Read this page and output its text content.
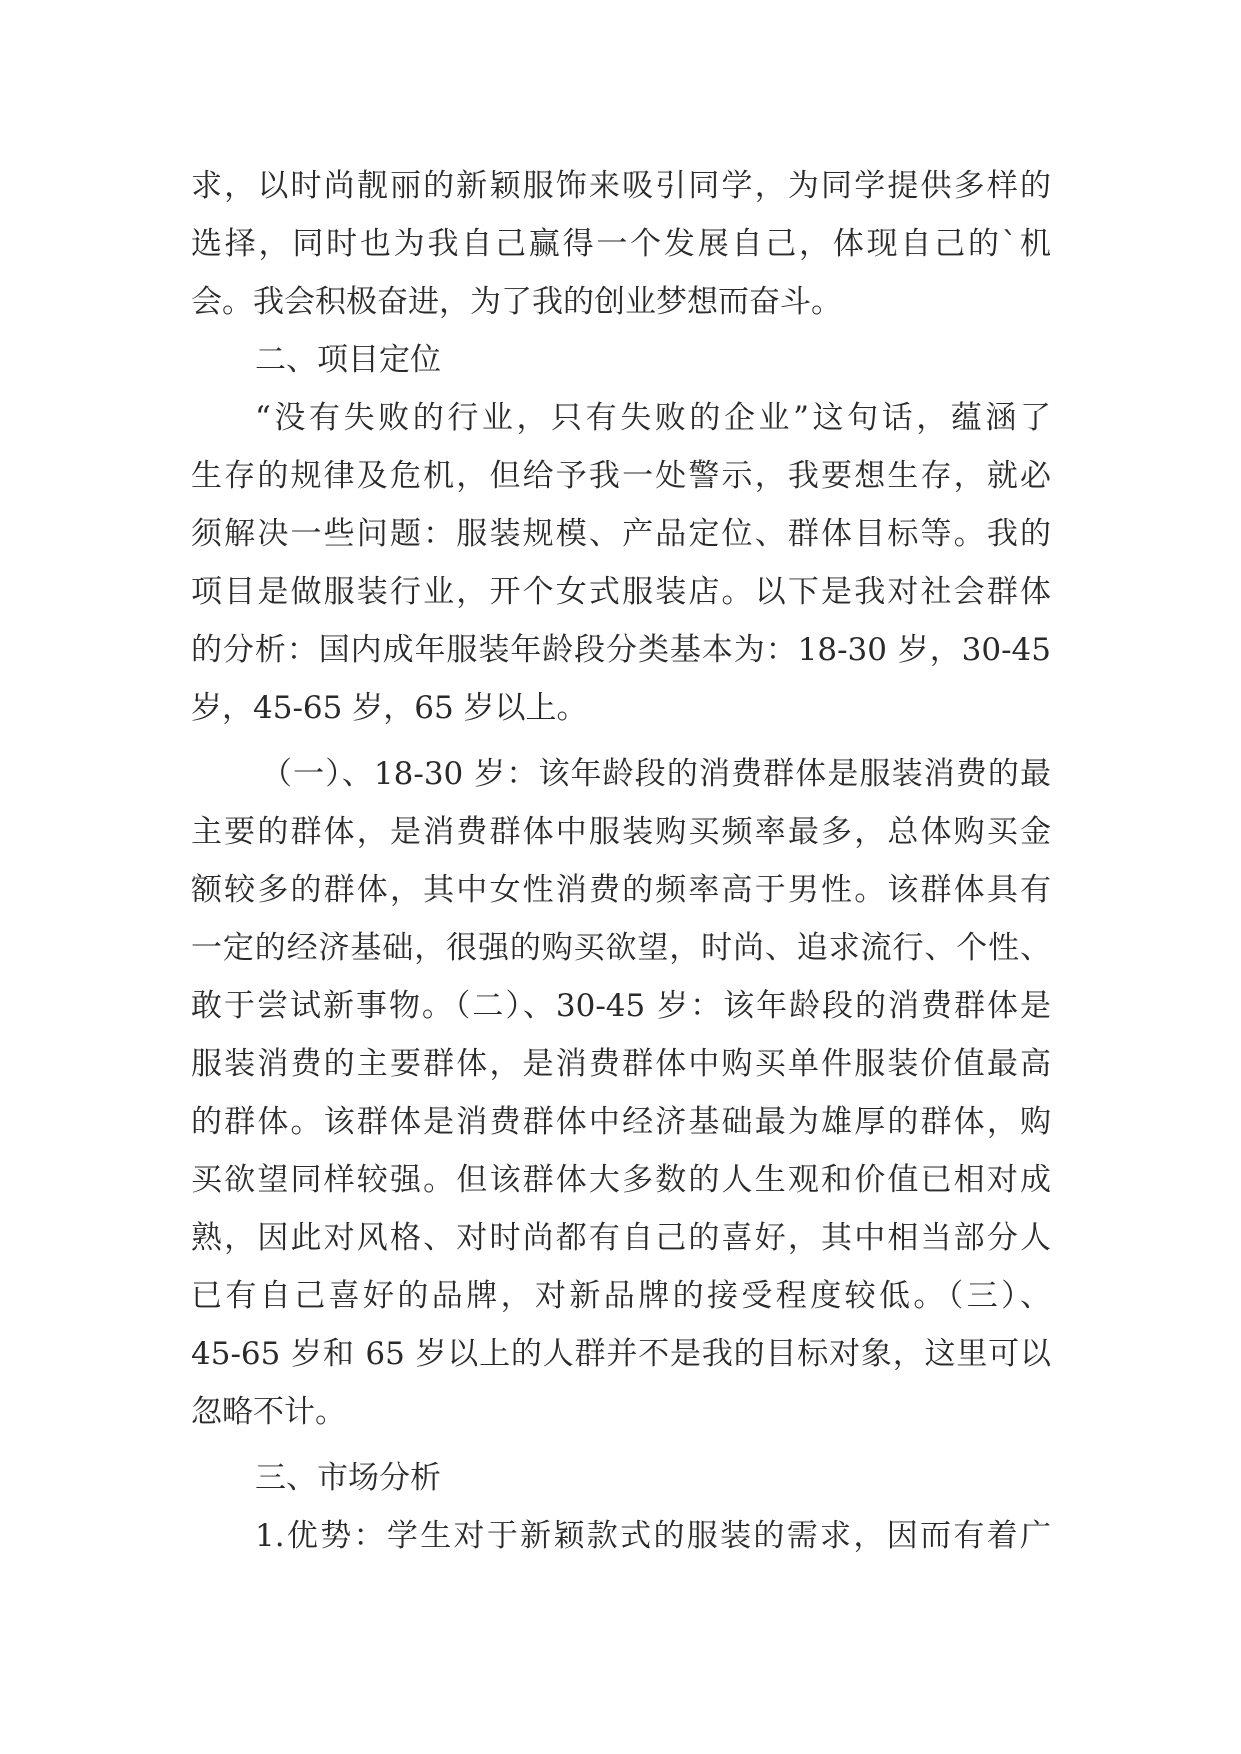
求，以时尚靓丽的新颖服饰来吸引同学，为同学提供多样的
选择，同时也为我自己赢得一个发展自己，体现自己的`机
会。我会积极奋进，为了我的创业梦想而奋斗。
二、项目定位
“没有失败的行业，只有失败的企业”这句话，蕴涵了
生存的规律及危机，但给予我一处警示，我要想生存，就必
须解决一些问题：服装规模、产品定位、群体目标等。我的
项目是做服装行业，开个女式服装店。以下是我对社会群体
的分析：国内成年服装年龄段分类基本为：18-30 岁，30-45
岁，45-65 岁，65 岁以上。
（一）、18-30 岁：该年龄段的消费群体是服装消费的最
主要的群体，是消费群体中服装购买频率最多，总体购买金
额较多的群体，其中女性消费的频率高于男性。该群体具有
一定的经济基础，很强的购买欲望，时尚、追求流行、个性、
敢于尝试新事物。（二）、30-45 岁：该年龄段的消费群体是
服装消费的主要群体，是消费群体中购买单件服装价值最高
的群体。该群体是消费群体中经济基础最为雄厚的群体，购
买欲望同样较强。但该群体大多数的人生观和价值已相对成
熟，因此对风格、对时尚都有自己的喜好，其中相当部分人
已有自己喜好的品牌，对新品牌的接受程度较低。（三）、
45-65 岁和 65 岁以上的人群并不是我的目标对象，这里可以
忽略不计。
三、市场分析
1.优势：学生对于新颖款式的服装的需求，因而有着广
